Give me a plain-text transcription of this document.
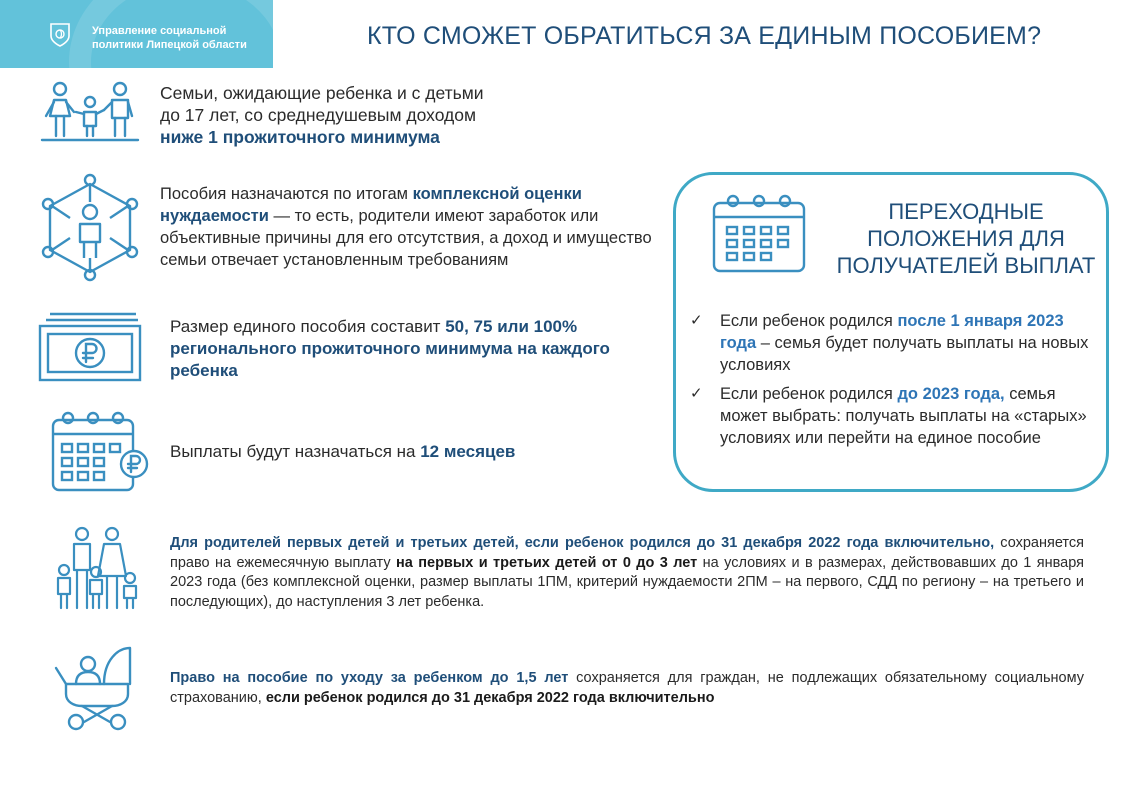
Управление социальной
политики Липецкой области	КТО СМОЖЕТ ОБРАТИТЬСЯ ЗА ЕДИНЫМ ПОСОБИЕМ?
Семьи, ожидающие ребенка и с детьми
до 17 лет, со среднедушевым доходом
ниже 1 прожиточного минимума
Пособия назначаются по итогам комплексной оценки нуждаемости — то есть, родители имеют заработок или объективные причины для его отсутствия, а доход и имущество семьи отвечает установленным требованиям
Размер единого пособия составит 50, 75 или 100% регионального прожиточного минимума на каждого ребенка
Выплаты будут назначаться на 12 месяцев
ПЕРЕХОДНЫЕ
ПОЛОЖЕНИЯ ДЛЯ
ПОЛУЧАТЕЛЕЙ ВЫПЛАТ
✓ Если ребенок родился после 1 января 2023 года – семья будет получать выплаты на новых условиях
✓ Если ребенок родился до 2023 года, семья может выбрать: получать выплаты на «старых» условиях или перейти на единое пособие
Для родителей первых детей и третьих детей, если ребенок родился до 31 декабря 2022 года включительно, сохраняется право на ежемесячную выплату на первых и третьих детей от 0 до 3 лет на условиях и в размерах, действовавших до 1 января 2023 года (без комплексной оценки, размер выплаты 1ПМ, критерий нуждаемости 2ПМ – на первого, СДД по региону – на третьего и последующих), до наступления 3 лет ребенка.
Право на пособие по уходу за ребенком до 1,5 лет сохраняется для граждан, не подлежащих обязательному социальному страхованию, если ребенок родился до 31 декабря 2022 года включительно
